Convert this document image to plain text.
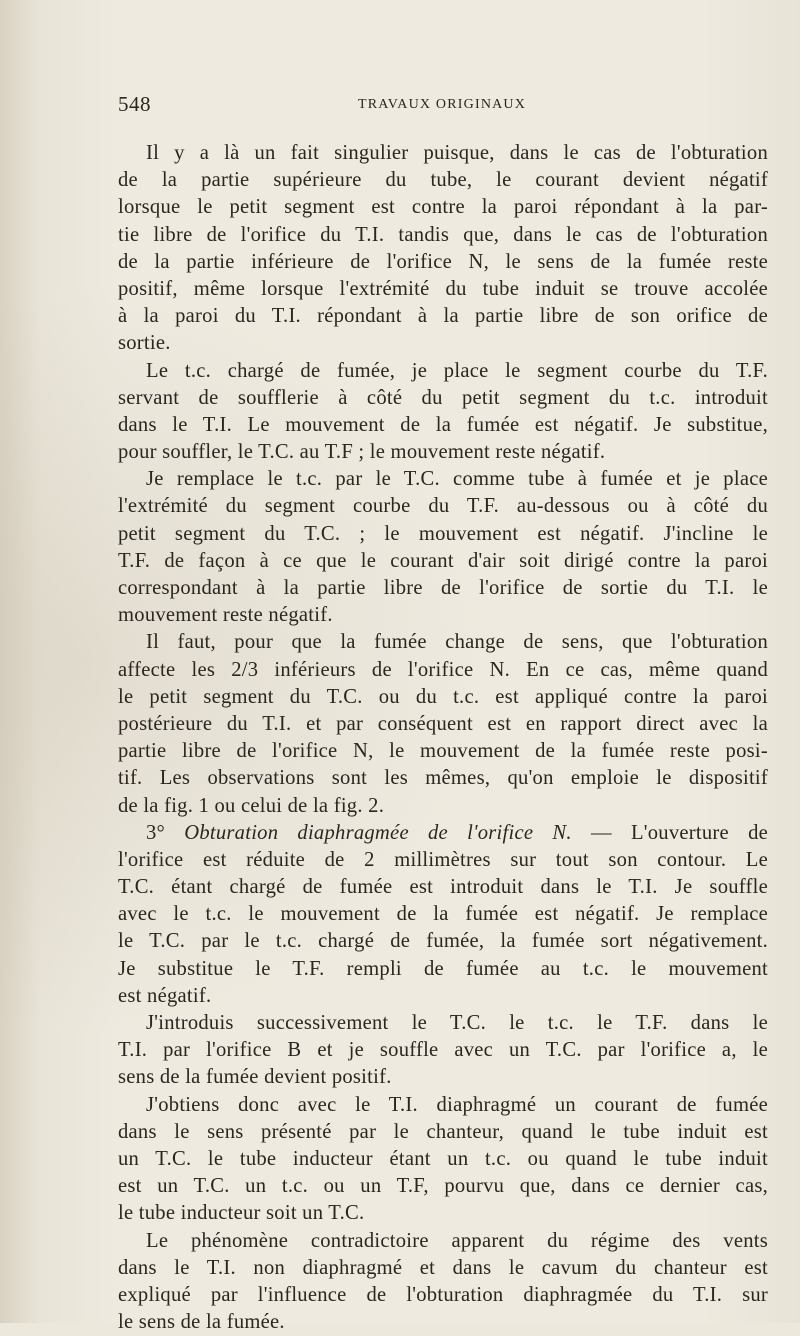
548	TRAVAUX ORIGINAUX
Il y a là un fait singulier puisque, dans le cas de l'obturation
de la partie supérieure du tube, le courant devient négatif
lorsque le petit segment est contre la paroi répondant à la par-
tie libre de l'orifice du T.I. tandis que, dans le cas de l'obturation
de la partie inférieure de l'orifice N, le sens de la fumée reste
positif, même lorsque l'extrémité du tube induit se trouve accolée
à la paroi du T.I. répondant à la partie libre de son orifice de
sortie.
Le t.c. chargé de fumée, je place le segment courbe du T.F.
servant de soufflerie à côté du petit segment du t.c. introduit
dans le T.I. Le mouvement de la fumée est négatif. Je substitue,
pour souffler, le T.C. au T.F ; le mouvement reste négatif.
Je remplace le t.c. par le T.C. comme tube à fumée et je place
l'extrémité du segment courbe du T.F. au-dessous ou à côté du
petit segment du T.C. ; le mouvement est négatif. J'incline le
T.F. de façon à ce que le courant d'air soit dirigé contre la paroi
correspondant à la partie libre de l'orifice de sortie du T.I. le
mouvement reste négatif.
Il faut, pour que la fumée change de sens, que l'obturation
affecte les 2/3 inférieurs de l'orifice N. En ce cas, même quand
le petit segment du T.C. ou du t.c. est appliqué contre la paroi
postérieure du T.I. et par conséquent est en rapport direct avec la
partie libre de l'orifice N, le mouvement de la fumée reste posi-
tif. Les observations sont les mêmes, qu'on emploie le dispositif
de la fig. 1 ou celui de la fig. 2.
3° Obturation diaphragmée de l'orifice N. — L'ouverture de
l'orifice est réduite de 2 millimètres sur tout son contour. Le
T.C. étant chargé de fumée est introduit dans le T.I. Je souffle
avec le t.c. le mouvement de la fumée est négatif. Je remplace
le T.C. par le t.c. chargé de fumée, la fumée sort négativement.
Je substitue le T.F. rempli de fumée au t.c. le mouvement
est négatif.
J'introduis successivement le T.C. le t.c. le T.F. dans le
T.I. par l'orifice B et je souffle avec un T.C. par l'orifice a, le
sens de la fumée devient positif.
J'obtiens donc avec le T.I. diaphragmé un courant de fumée
dans le sens présenté par le chanteur, quand le tube induit est
un T.C. le tube inducteur étant un t.c. ou quand le tube induit
est un T.C. un t.c. ou un T.F, pourvu que, dans ce dernier cas,
le tube inducteur soit un T.C.
Le phénomène contradictoire apparent du régime des vents
dans le T.I. non diaphragmé et dans le cavum du chanteur est
expliqué par l'influence de l'obturation diaphragmée du T.I. sur
le sens de la fumée.
